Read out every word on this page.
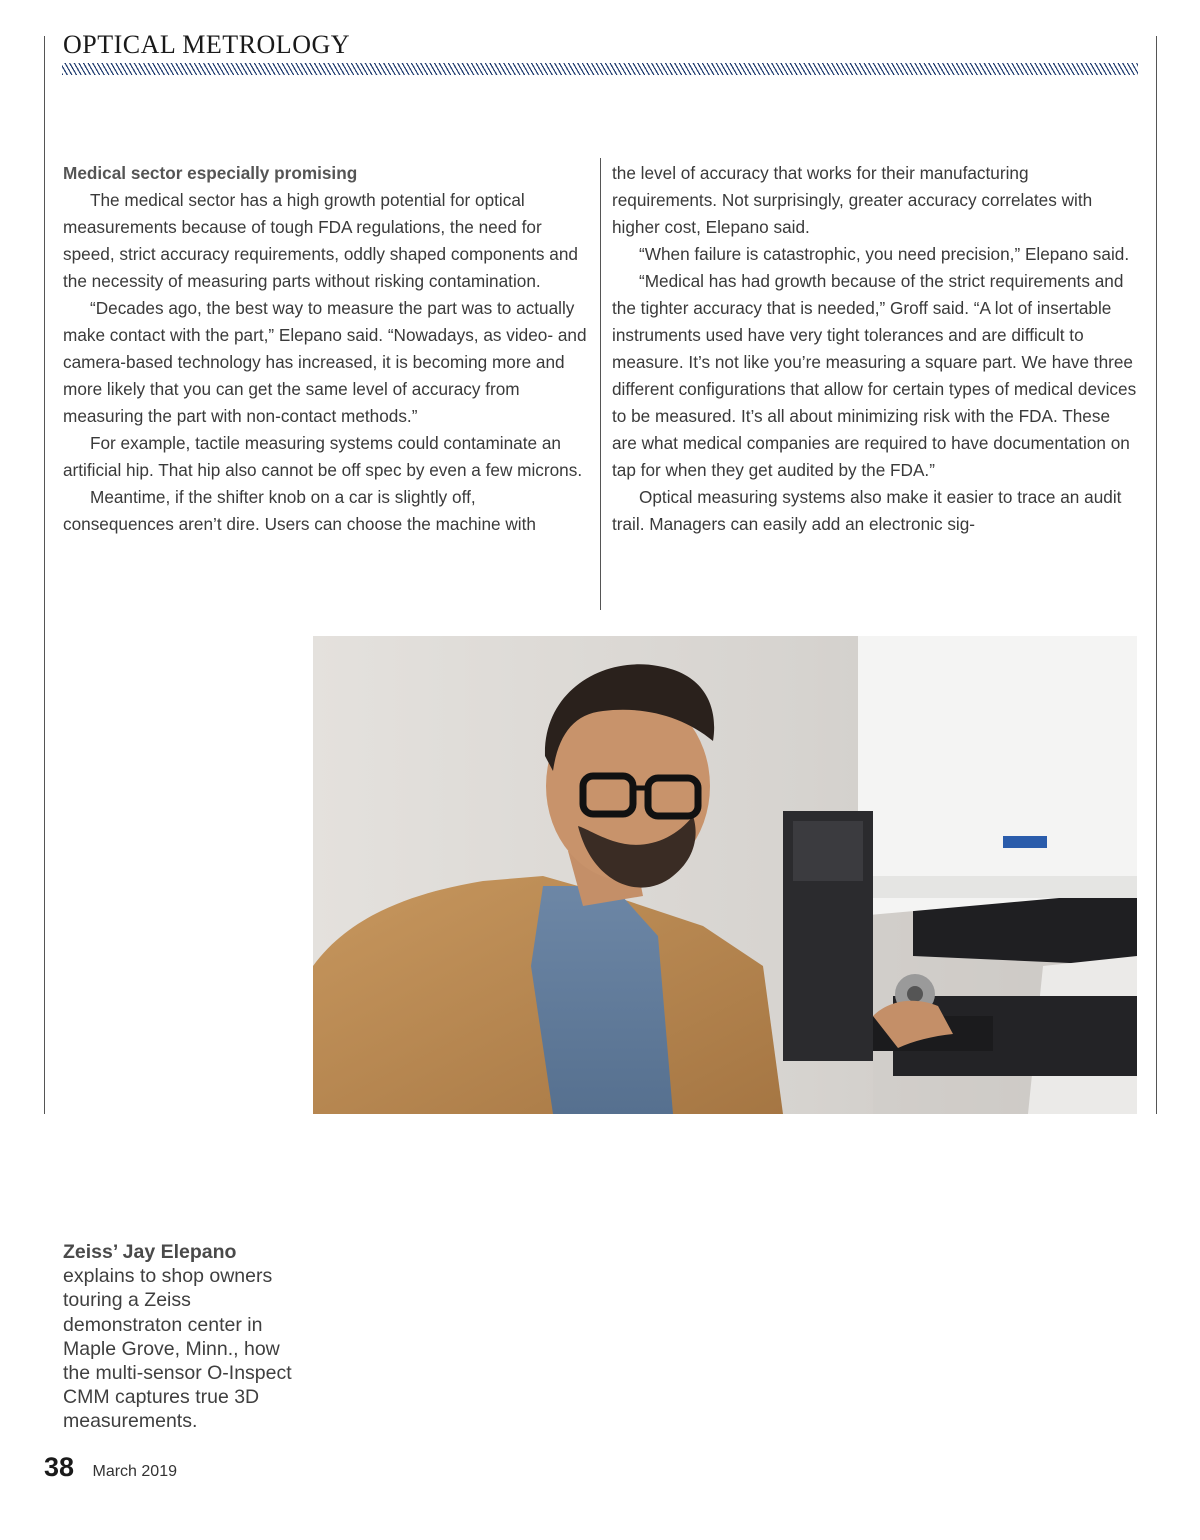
OPTICAL METROLOGY

Medical sector especially promising

The medical sector has a high growth potential for optical measurements because of tough FDA regulations, the need for speed, strict accuracy requirements, oddly shaped components and the necessity of measuring parts without risking contamination.

“Decades ago, the best way to measure the part was to actually make contact with the part,” Elepano said. “Nowadays, as video- and camera-based technology has increased, it is becoming more and more likely that you can get the same level of accuracy from measuring the part with non-contact methods.”

For example, tactile measuring systems could contaminate an artificial hip. That hip also cannot be off spec by even a few microns.

Meantime, if the shifter knob on a car is slightly off, consequences aren’t dire. Users can choose the machine with

the level of accuracy that works for their manufacturing requirements. Not surprisingly, greater accuracy correlates with higher cost, Elepano said.

“When failure is catastrophic, you need precision,” Elepano said.

“Medical has had growth because of the strict requirements and the tighter accuracy that is needed,” Groff said. “A lot of insertable instruments used have very tight tolerances and are difficult to measure. It’s not like you’re measuring a square part. We have three different configurations that allow for certain types of medical devices to be measured. It’s all about minimizing risk with the FDA. These are what medical companies are required to have documentation on tap for when they get audited by the FDA.”

Optical measuring systems also make it easier to trace an audit trail. Managers can easily add an electronic sig-

Zeiss’ Jay Elepano
explains to shop owners touring a Zeiss demonstraton center in Maple Grove, Minn., how the multi-sensor O-Inspect CMM captures true 3D measurements.
38 March 2019
